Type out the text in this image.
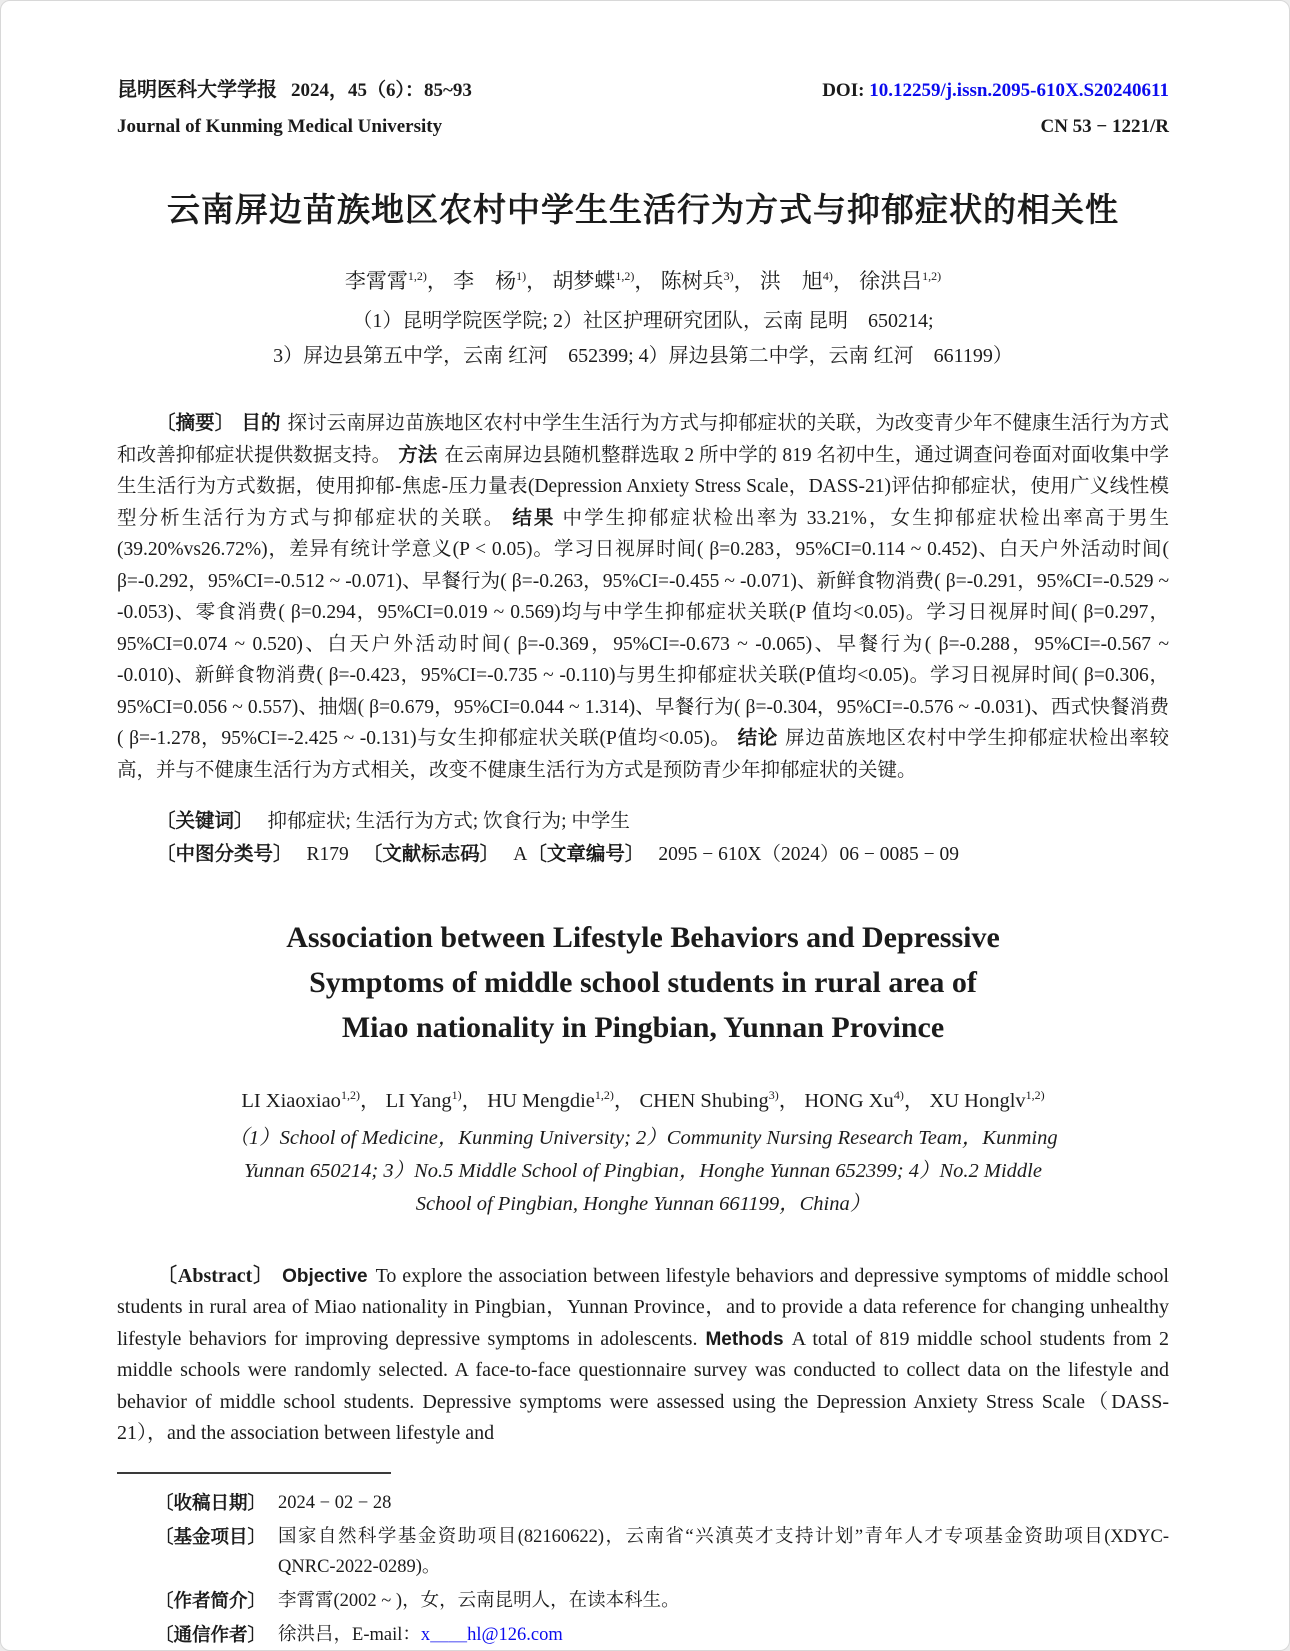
昆明医科大学学报 2024，45（6）：85~93	DOI: 10.12259/j.issn.2095-610X.S20240611
Journal of Kunming Medical University	CN 53 − 1221/R
云南屏边苗族地区农村中学生生活行为方式与抑郁症状的相关性
李霄霄$^{1,2)}$， 李　杨$^{1)}$， 胡梦蝶$^{1,2)}$， 陈树兵$^{3)}$， 洪　旭$^{4)}$， 徐洪吕$^{1,2)}$
（1）昆明学院医学院; 2）社区护理研究团队，云南 昆明　650214;
3）屏边县第五中学，云南 红河　652399; 4）屏边县第二中学，云南 红河　661199）

〔摘要〕 目的 探讨云南屏边苗族地区农村中学生生活行为方式与抑郁症状的关联，为改变青少年不健康生活行为方式和改善抑郁症状提供数据支持。 方法 在云南屏边县随机整群选取 2 所中学的 819 名初中生，通过调查问卷面对面收集中学生生活行为方式数据，使用抑郁-焦虑-压力量表(Depression Anxiety Stress Scale，DASS-21)评估抑郁症状，使用广义线性模型分析生活行为方式与抑郁症状的关联。 结果 中学生抑郁症状检出率为 33.21%，女生抑郁症状检出率高于男生(39.20%vs26.72%)，差异有统计学意义(P < 0.05)。学习日视屏时间( β=0.283，95%CI=0.114 ~ 0.452)、白天户外活动时间( β=-0.292，95%CI=-0.512 ~ -0.071)、早餐行为( β=-0.263，95%CI=-0.455 ~ -0.071)、新鲜食物消费( β=-0.291，95%CI=-0.529 ~ -0.053)、零食消费( β=0.294，95%CI=0.019 ~ 0.569)均与中学生抑郁症状关联(P 值均<0.05)。学习日视屏时间( β=0.297，95%CI=0.074 ~ 0.520)、白天户外活动时间( β=-0.369，95%CI=-0.673 ~ -0.065)、早餐行为( β=-0.288，95%CI=-0.567 ~ -0.010)、新鲜食物消费( β=-0.423，95%CI=-0.735 ~ -0.110)与男生抑郁症状关联(P值均<0.05)。学习日视屏时间( β=0.306，95%CI=0.056 ~ 0.557)、抽烟( β=0.679，95%CI=0.044 ~ 1.314)、早餐行为( β=-0.304，95%CI=-0.576 ~ -0.031)、西式快餐消费( β=-1.278，95%CI=-2.425 ~ -0.131)与女生抑郁症状关联(P值均<0.05)。 结论 屏边苗族地区农村中学生抑郁症状检出率较高，并与不健康生活行为方式相关，改变不健康生活行为方式是预防青少年抑郁症状的关键。

〔关键词〕 抑郁症状; 生活行为方式; 饮食行为; 中学生
〔中图分类号〕 R179 〔文献标志码〕 A〔文章编号〕 2095 − 610X（2024）06 − 0085 − 09
Association between Lifestyle Behaviors and Depressive
Symptoms of middle school students in rural area of
Miao nationality in Pingbian, Yunnan Province
LI Xiaoxiao$^{1,2)}$， LI Yang$^{1)}$， HU Mengdie$^{1,2)}$， CHEN Shubing$^{3)}$， HONG Xu$^{4)}$， XU Honglv$^{1,2)}$
（1）School of Medicine，Kunming University; 2）Community Nursing Research Team，Kunming
Yunnan 650214; 3）No.5 Middle School of Pingbian，Honghe Yunnan 652399; 4）No.2 Middle
School of Pingbian, Honghe Yunnan 661199，China）

〔Abstract〕 Objective To explore the association between lifestyle behaviors and depressive symptoms of middle school students in rural area of Miao nationality in Pingbian，Yunnan Province，and to provide a data reference for changing unhealthy lifestyle behaviors for improving depressive symptoms in adolescents. Methods A total of 819 middle school students from 2 middle schools were randomly selected. A face-to-face questionnaire survey was conducted to collect data on the lifestyle and behavior of middle school students. Depressive symptoms were assessed using the Depression Anxiety Stress Scale（DASS-21），and the association between lifestyle and

〔收稿日期〕 2024 − 02 − 28
〔基金项目〕 国家自然科学基金资助项目(82160622)，云南省“兴滇英才支持计划”青年人才专项基金资助项目(XDYC-QNRC-2022-0289)。
〔作者简介〕 李霄霄(2002 ~ )，女，云南昆明人，在读本科生。
〔通信作者〕 徐洪吕，E-mail：x＿＿hl@126.com
